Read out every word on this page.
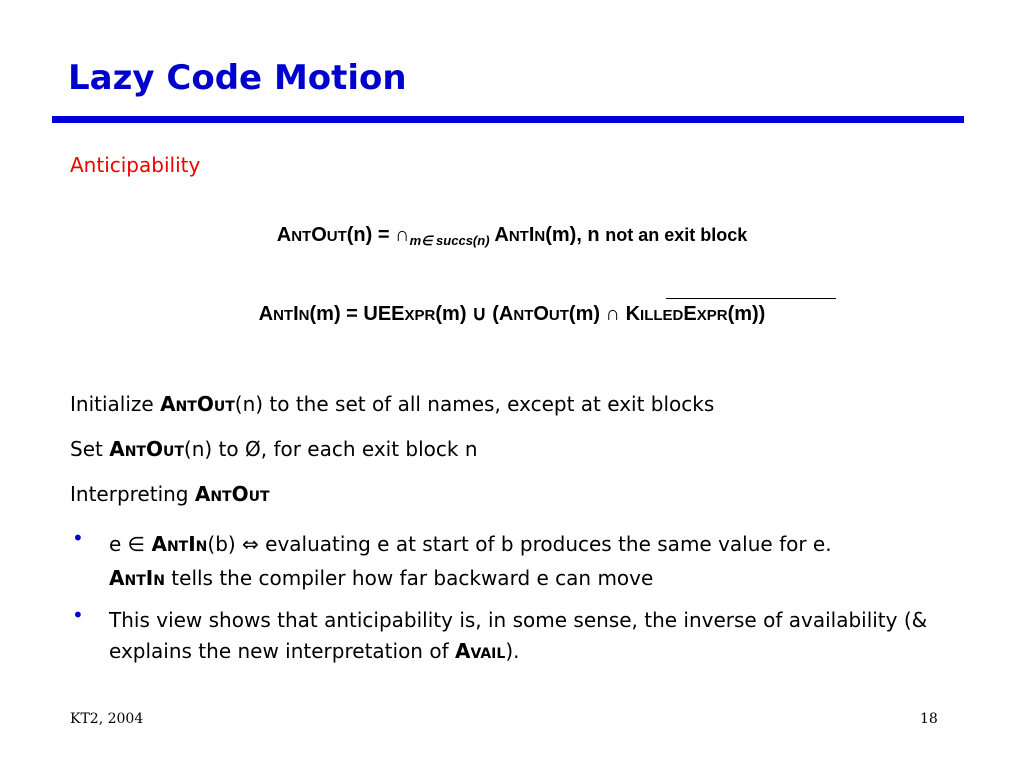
Lazy Code Motion
Anticipability
ANTOUT(n) = $\cap_{m\in succs(n)}$ ANTIN(m), n not an exit block
ANTIN(m) = UEEXPR(m) ∪ (ANTOUT(m) ∩ KILLEDEXPR(m))
Initialize ANTOUT(n) to the set of all names, except at exit blocks
Set ANTOUT(n) to Ø, for each exit block n
Interpreting ANTOUT
• e ∈ ANTIN(b) ⇔ evaluating e at start of b produces the same value for e.
ANTIN tells the compiler how far backward e can move
• This view shows that anticipability is, in some sense, the inverse of availability (& explains the new interpretation of AVAIL).
KT2, 2004	18
